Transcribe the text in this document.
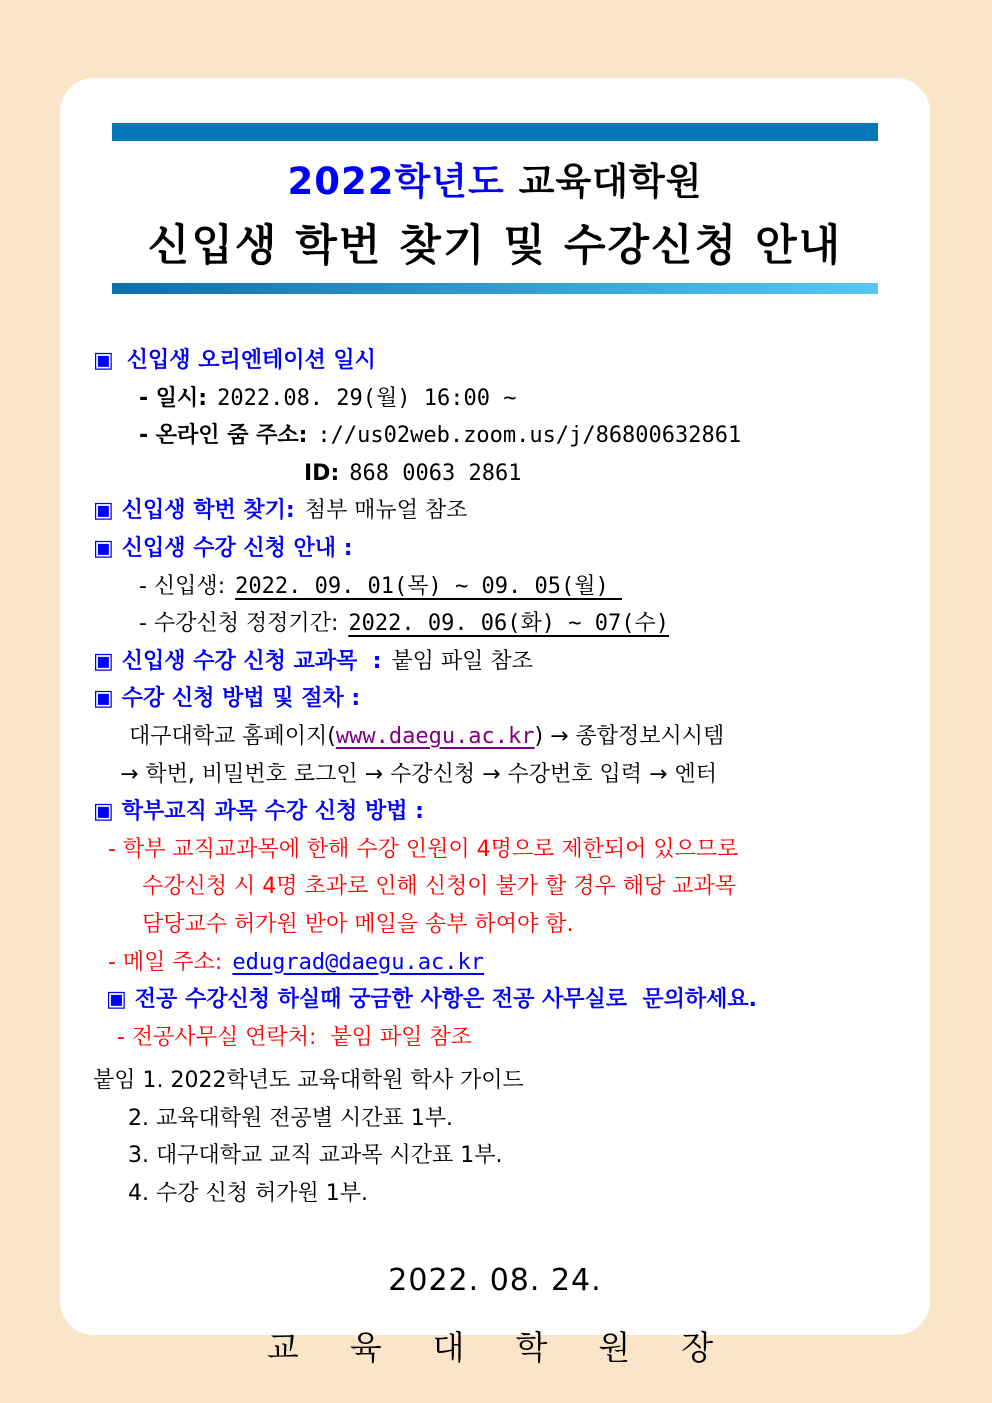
2022학년도 교육대학원
신입생 학번 찾기 및 수강신청 안내
▣ 신입생 오리엔테이션 일시
- 일시: 2022.08. 29(월) 16:00 ~
- 온라인 줌 주소: ://us02web.zoom.us/j/86800632861
ID: 868 0063 2861
▣ 신입생 학번 찾기: 첨부 매뉴얼 참조
▣ 신입생 수강 신청 안내 :
- 신입생: 2022. 09. 01(목) ~ 09. 05(월)
- 수강신청 정정기간: 2022. 09. 06(화) ~ 07(수)
▣ 신입생 수강 신청 교과목  : 붙임 파일 참조
▣ 수강 신청 방법 및 절차 :
대구대학교 홈페이지(www.daegu.ac.kr) → 종합정보시시템
→ 학번, 비밀번호 로그인 → 수강신청 → 수강번호 입력 → 엔터
▣ 학부교직 과목 수강 신청 방법 :
- 학부 교직교과목에 한해 수강 인원이 4명으로 제한되어 있으므로
수강신청 시 4명 초과로 인해 신청이 불가 할 경우 해당 교과목
담당교수 허가원 받아 메일을 송부 하여야 함.
- 메일 주소: edugrad@daegu.ac.kr
▣ 전공 수강신청 하실때 궁금한 사항은 전공 사무실로  문의하세요.
- 전공사무실 연락처:  붙임 파일 참조
붙임 1. 2022학년도 교육대학원 학사 가이드
2. 교육대학원 전공별 시간표 1부.
3. 대구대학교 교직 교과목 시간표 1부.
4. 수강 신청 허가원 1부.
2022. 08. 24.
교  육  대  학  원  장
